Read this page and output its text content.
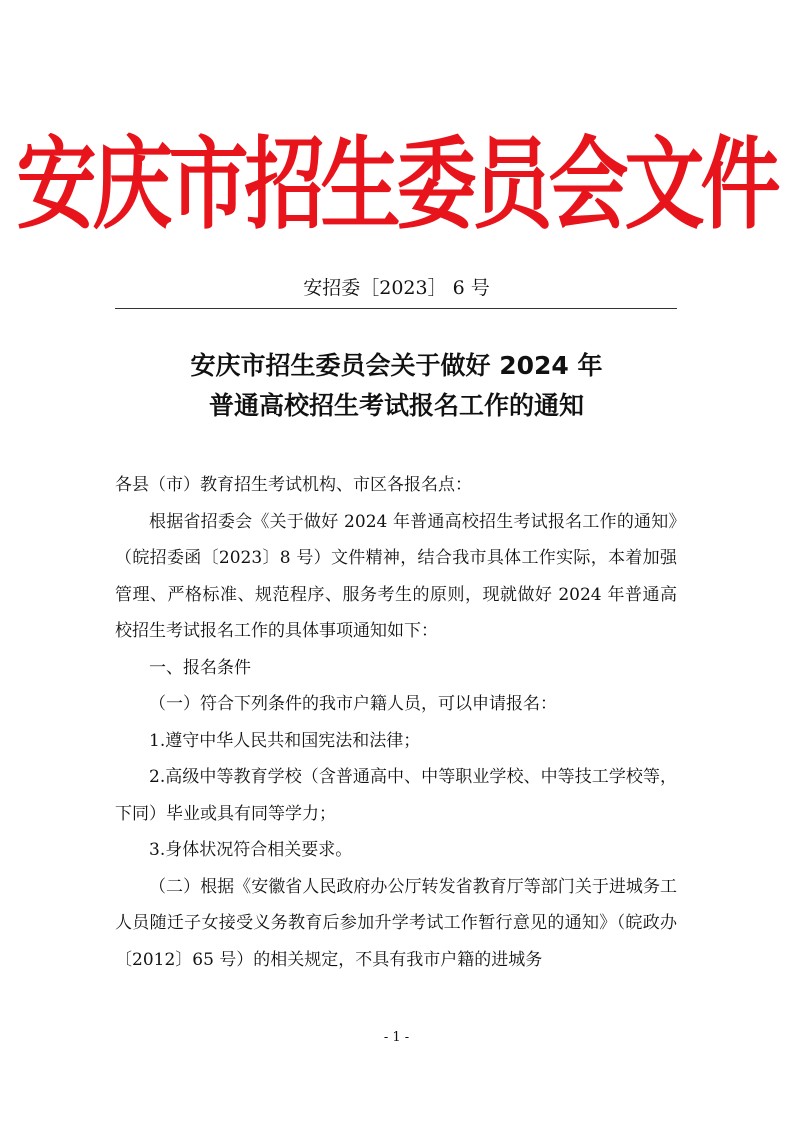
安庆市招生委员会文件
安招委［2023］ 6 号
安庆市招生委员会关于做好 2024 年
普通高校招生考试报名工作的通知

各县（市）教育招生考试机构、市区各报名点：

根据省招委会《关于做好 2024 年普通高校招生考试报名工作的通知》（皖招委函〔2023〕8 号）文件精神，结合我市具体工作实际，本着加强管理、严格标准、规范程序、服务考生的原则，现就做好 2024 年普通高校招生考试报名工作的具体事项通知如下：

一、报名条件

（一）符合下列条件的我市户籍人员，可以申请报名：

1.遵守中华人民共和国宪法和法律；

2.高级中等教育学校（含普通高中、中等职业学校、中等技工学校等，下同）毕业或具有同等学力；

3.身体状况符合相关要求。

（二）根据《安徽省人民政府办公厅转发省教育厅等部门关于进城务工人员随迁子女接受义务教育后参加升学考试工作暂行意见的通知》（皖政办〔2012〕65 号）的相关规定，不具有我市户籍的进城务

- 1 -
